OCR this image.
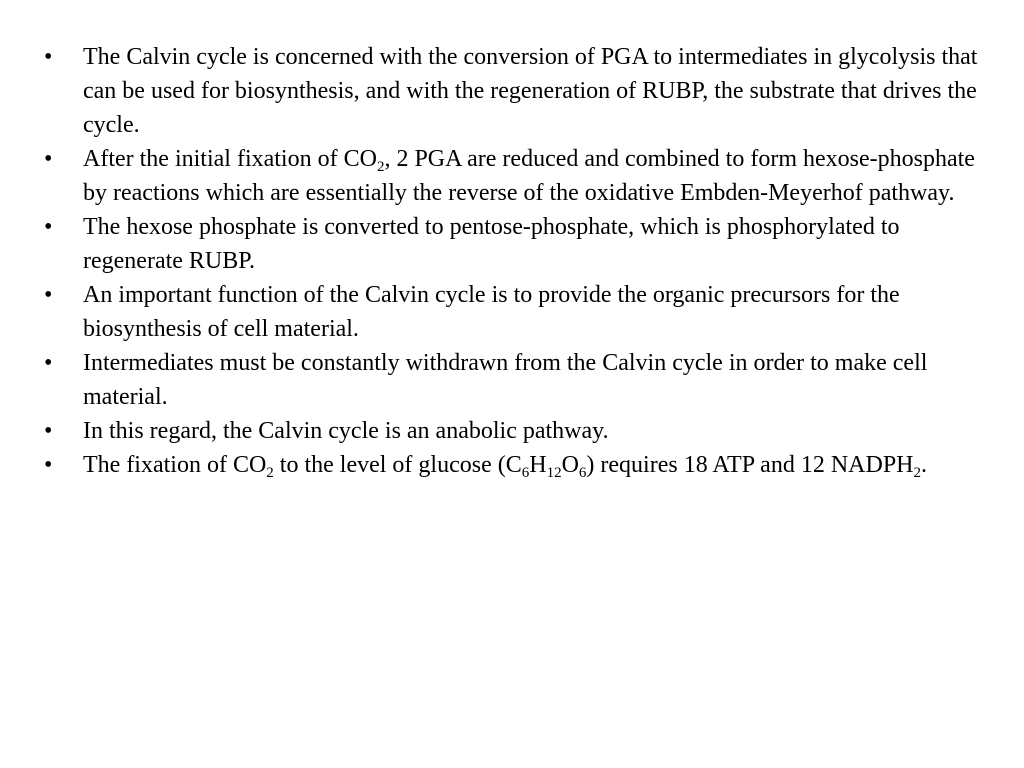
•	The Calvin cycle is concerned with the conversion of PGA to intermediates in glycolysis that can be used for biosynthesis, and with the regeneration of RUBP, the substrate that drives the cycle.
•	After the initial fixation of $CO_2$, 2 PGA are reduced and combined to form hexose-phosphate by reactions which are essentially the reverse of the oxidative Embden-Meyerhof pathway.
•	The hexose phosphate is converted to pentose-phosphate, which is phosphorylated to regenerate RUBP.
•	An important function of the Calvin cycle is to provide the organic precursors for the biosynthesis of cell material.
•	Intermediates must be constantly withdrawn from the Calvin cycle in order to make cell material.
•	In this regard, the Calvin cycle is an anabolic pathway.
•	The fixation of $CO_2$ to the level of glucose $(C_6H_{12}O_6)$ requires 18 ATP and 12 $NADPH_2$.
